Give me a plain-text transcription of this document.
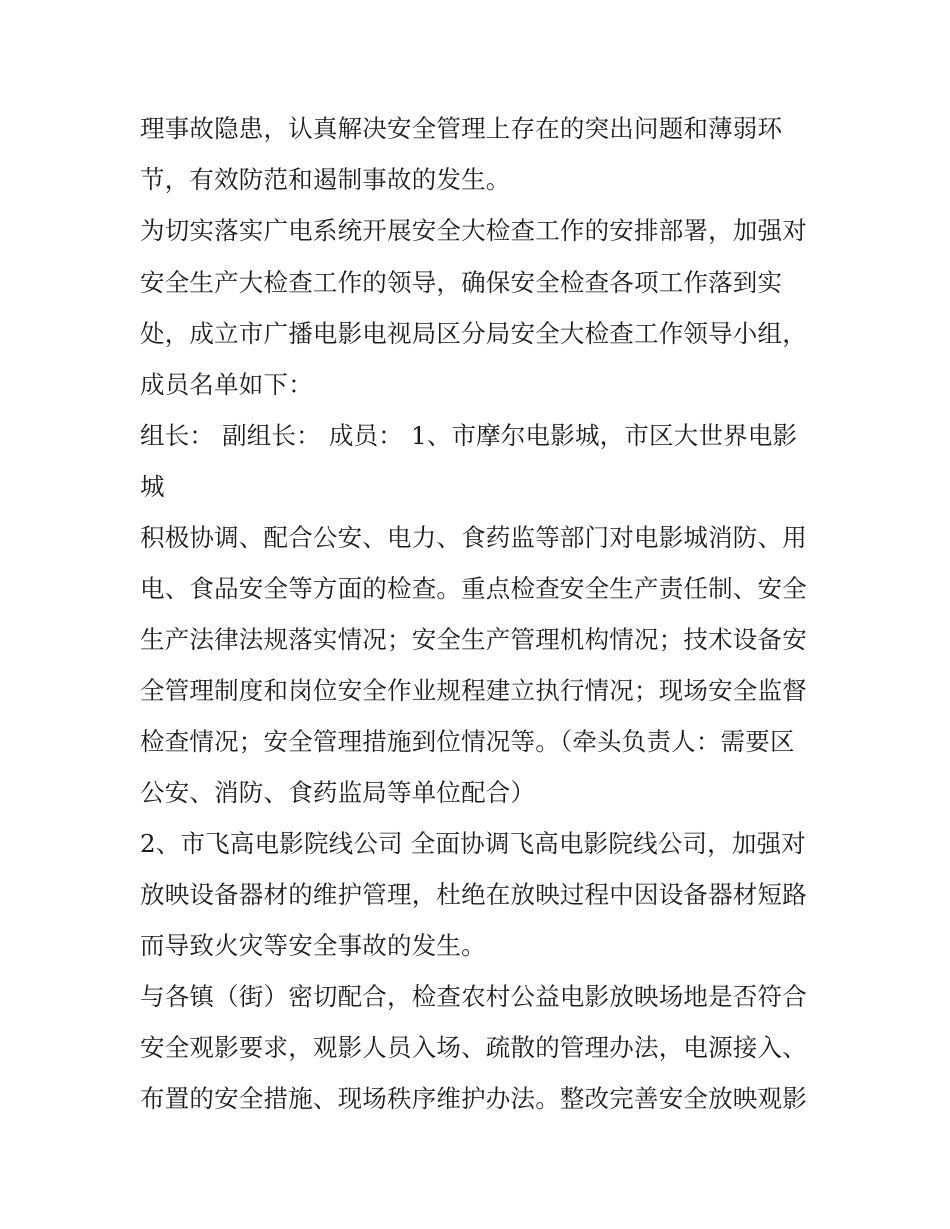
理事故隐患，认真解决安全管理上存在的突出问题和薄弱环
节，有效防范和遏制事故的发生。
为切实落实广电系统开展安全大检查工作的安排部署，加强对
安全生产大检查工作的领导，确保安全检查各项工作落到实
处，成立市广播电影电视局区分局安全大检查工作领导小组，
成员名单如下：
组长： 副组长： 成员： 1、市摩尔电影城，市区大世界电影
城
积极协调、配合公安、电力、食药监等部门对电影城消防、用
电、食品安全等方面的检查。重点检查安全生产责任制、安全
生产法律法规落实情况；安全生产管理机构情况；技术设备安
全管理制度和岗位安全作业规程建立执行情况；现场安全监督
检查情况；安全管理措施到位情况等。（牵头负责人：需要区
公安、消防、食药监局等单位配合）
2、市飞高电影院线公司 全面协调飞高电影院线公司，加强对
放映设备器材的维护管理，杜绝在放映过程中因设备器材短路
而导致火灾等安全事故的发生。
与各镇（街）密切配合，检查农村公益电影放映场地是否符合
安全观影要求，观影人员入场、疏散的管理办法，电源接入、
布置的安全措施、现场秩序维护办法。整改完善安全放映观影
